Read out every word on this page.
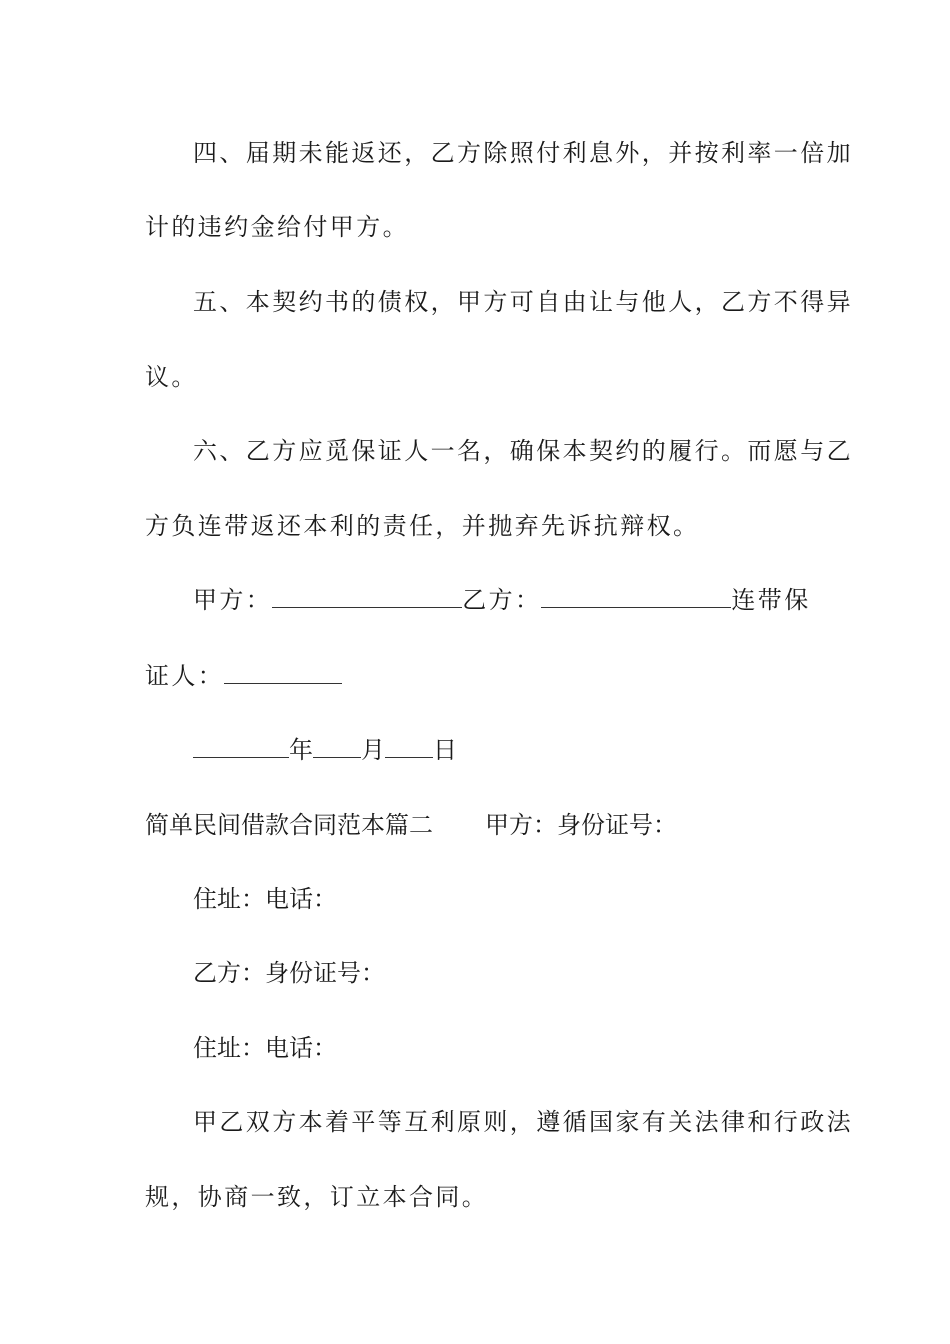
四、届期未能返还，乙方除照付利息外，并按利率一倍加
计的违约金给付甲方。
五、本契约书的债权，甲方可自由让与他人，乙方不得异
议。
六、乙方应觅保证人一名，确保本契约的履行。而愿与乙
方负连带返还本利的责任，并抛弃先诉抗辩权。
甲方：	乙方：	连带保
证人：
年 月 日
简单民间借款合同范本篇二 甲方：身份证号：
住址：电话：
乙方：身份证号：
住址：电话：
甲乙双方本着平等互利原则，遵循国家有关法律和行政法
规，协商一致，订立本合同。
